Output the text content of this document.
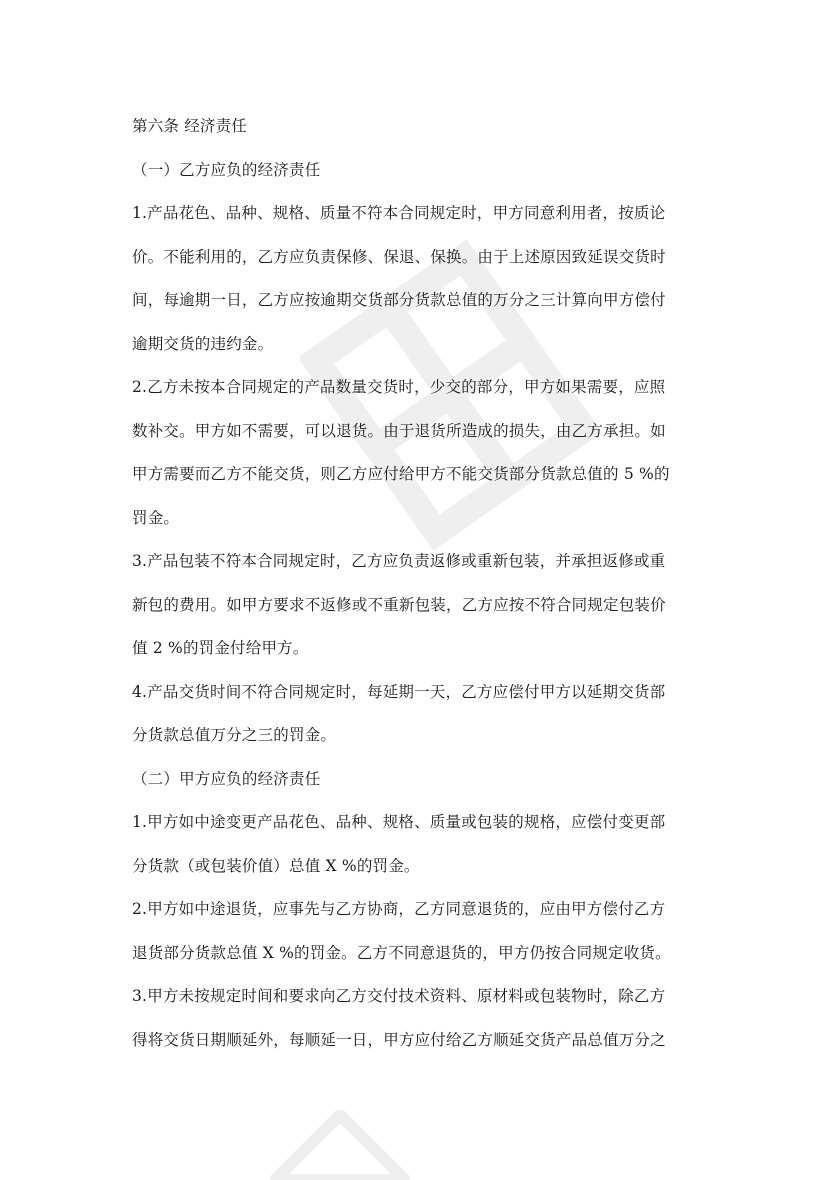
第六条 经济责任
（一）乙方应负的经济责任
1.产品花色、品种、规格、质量不符本合同规定时，甲方同意利用者，按质论
价。不能利用的，乙方应负责保修、保退、保换。由于上述原因致延误交货时
间，每逾期一日，乙方应按逾期交货部分货款总值的万分之三计算向甲方偿付
逾期交货的违约金。
2.乙方未按本合同规定的产品数量交货时，少交的部分，甲方如果需要，应照
数补交。甲方如不需要，可以退货。由于退货所造成的损失，由乙方承担。如
甲方需要而乙方不能交货，则乙方应付给甲方不能交货部分货款总值的 5 %的
罚金。
3.产品包装不符本合同规定时，乙方应负责返修或重新包装，并承担返修或重
新包的费用。如甲方要求不返修或不重新包装，乙方应按不符合同规定包装价
值 2 %的罚金付给甲方。
4.产品交货时间不符合同规定时，每延期一天，乙方应偿付甲方以延期交货部
分货款总值万分之三的罚金。
（二）甲方应负的经济责任
1.甲方如中途变更产品花色、品种、规格、质量或包装的规格，应偿付变更部
分货款（或包装价值）总值 X %的罚金。
2.甲方如中途退货，应事先与乙方协商，乙方同意退货的，应由甲方偿付乙方
退货部分货款总值 X %的罚金。乙方不同意退货的，甲方仍按合同规定收货。
3.甲方未按规定时间和要求向乙方交付技术资料、原材料或包装物时，除乙方
得将交货日期顺延外，每顺延一日，甲方应付给乙方顺延交货产品总值万分之
